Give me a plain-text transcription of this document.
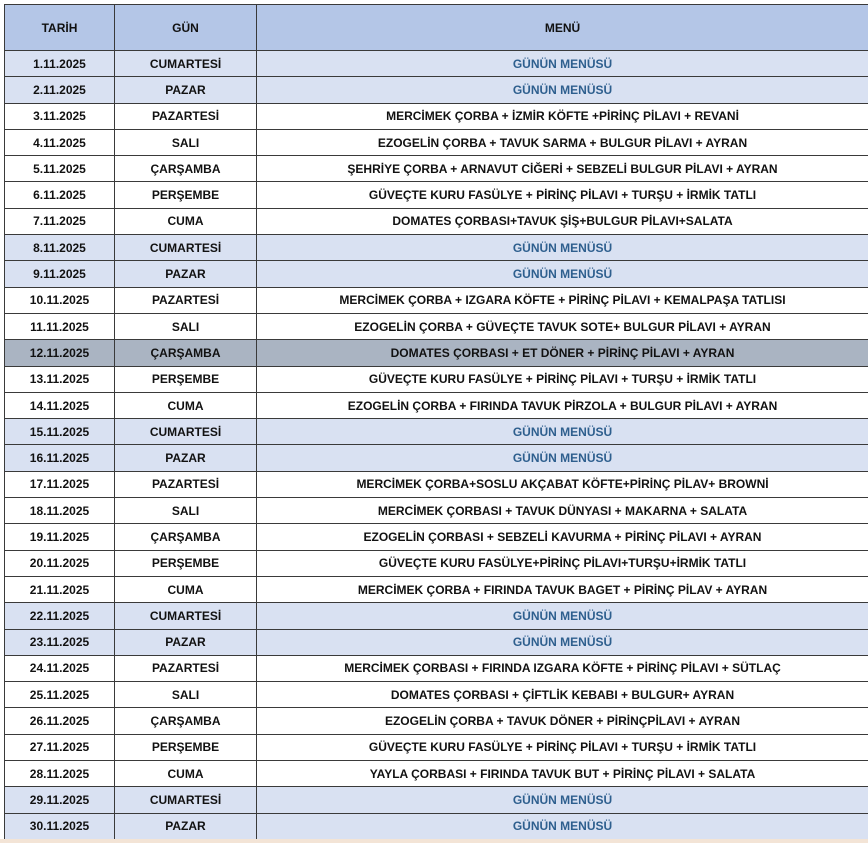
TARİH	GÜN	MENÜ
1.11.2025	CUMARTESİ	GÜNÜN MENÜSÜ
2.11.2025	PAZAR	GÜNÜN MENÜSÜ
3.11.2025	PAZARTESİ	MERCİMEK ÇORBA + İZMİR KÖFTE +PİRİNÇ PİLAVI + REVANİ
4.11.2025	SALI	EZOGELİN ÇORBA + TAVUK SARMA + BULGUR PİLAVI + AYRAN
5.11.2025	ÇARŞAMBA	ŞEHRİYE ÇORBA + ARNAVUT CİĞERİ + SEBZELİ BULGUR PİLAVI + AYRAN
6.11.2025	PERŞEMBE	GÜVEÇTE KURU FASÜLYE + PİRİNÇ PİLAVI + TURŞU + İRMİK TATLI
7.11.2025	CUMA	DOMATES ÇORBASI+TAVUK ŞİŞ+BULGUR PİLAVI+SALATA
8.11.2025	CUMARTESİ	GÜNÜN MENÜSÜ
9.11.2025	PAZAR	GÜNÜN MENÜSÜ
10.11.2025	PAZARTESİ	MERCİMEK ÇORBA + IZGARA KÖFTE + PİRİNÇ PİLAVI + KEMALPAŞA TATLISI
11.11.2025	SALI	EZOGELİN ÇORBA + GÜVEÇTE TAVUK SOTE+ BULGUR PİLAVI + AYRAN
12.11.2025	ÇARŞAMBA	DOMATES ÇORBASI + ET DÖNER + PİRİNÇ PİLAVI + AYRAN
13.11.2025	PERŞEMBE	GÜVEÇTE KURU FASÜLYE + PİRİNÇ PİLAVI + TURŞU + İRMİK TATLI
14.11.2025	CUMA	EZOGELİN ÇORBA + FIRINDA TAVUK PİRZOLA + BULGUR PİLAVI + AYRAN
15.11.2025	CUMARTESİ	GÜNÜN MENÜSÜ
16.11.2025	PAZAR	GÜNÜN MENÜSÜ
17.11.2025	PAZARTESİ	MERCİMEK ÇORBA+SOSLU AKÇABAT KÖFTE+PİRİNÇ PİLAV+ BROWNİ
18.11.2025	SALI	MERCİMEK ÇORBASI + TAVUK DÜNYASI + MAKARNA + SALATA
19.11.2025	ÇARŞAMBA	EZOGELİN ÇORBASI + SEBZELİ KAVURMA + PİRİNÇ PİLAVI + AYRAN
20.11.2025	PERŞEMBE	GÜVEÇTE KURU FASÜLYE+PİRİNÇ PİLAVI+TURŞU+İRMİK TATLI
21.11.2025	CUMA	MERCİMEK ÇORBA + FIRINDA TAVUK BAGET + PİRİNÇ PİLAV + AYRAN
22.11.2025	CUMARTESİ	GÜNÜN MENÜSÜ
23.11.2025	PAZAR	GÜNÜN MENÜSÜ
24.11.2025	PAZARTESİ	MERCİMEK ÇORBASI + FIRINDA IZGARA KÖFTE + PİRİNÇ PİLAVI + SÜTLAÇ
25.11.2025	SALI	DOMATES ÇORBASI + ÇİFTLİK KEBABI + BULGUR+ AYRAN
26.11.2025	ÇARŞAMBA	EZOGELİN ÇORBA + TAVUK DÖNER + PİRİNÇPİLAVI + AYRAN
27.11.2025	PERŞEMBE	GÜVEÇTE KURU FASÜLYE + PİRİNÇ PİLAVI + TURŞU + İRMİK TATLI
28.11.2025	CUMA	YAYLA ÇORBASI + FIRINDA TAVUK BUT + PİRİNÇ PİLAVI + SALATA
29.11.2025	CUMARTESİ	GÜNÜN MENÜSÜ
30.11.2025	PAZAR	GÜNÜN MENÜSÜ
